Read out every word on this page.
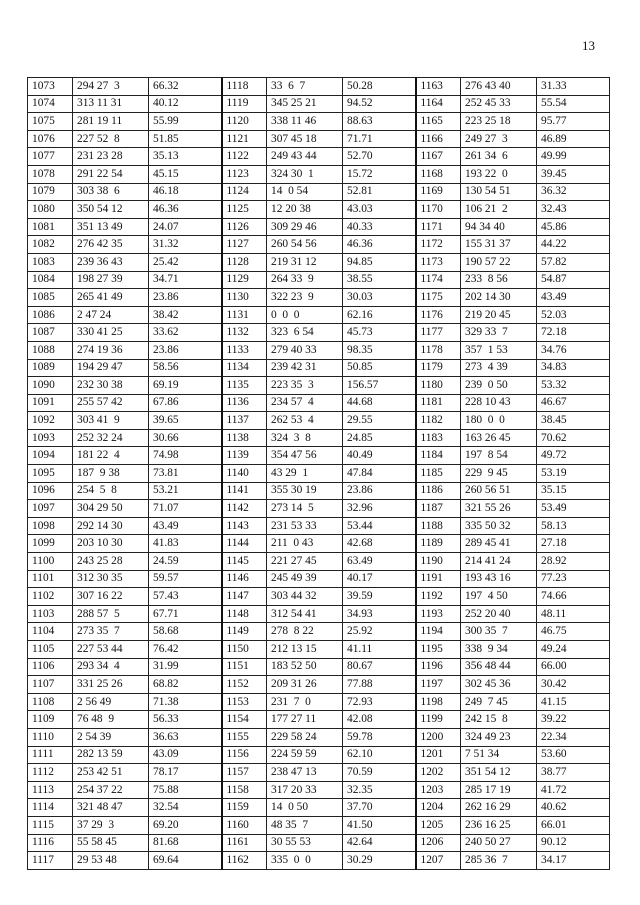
13
1073	294 27  3	66.32	1118	33  6  7	50.28	1163	276 43 40	31.33
1074	313 11 31	40.12	1119	345 25 21	94.52	1164	252 45 33	55.54
1075	281 19 11	55.99	1120	338 11 46	88.63	1165	223 25 18	95.77
1076	227 52  8	51.85	1121	307 45 18	71.71	1166	249 27  3	46.89
1077	231 23 28	35.13	1122	249 43 44	52.70	1167	261 34  6	49.99
1078	291 22 54	45.15	1123	324 30  1	15.72	1168	193 22  0	39.45
1079	303 38  6	46.18	1124	14  0 54	52.81	1169	130 54 51	36.32
1080	350 54 12	46.36	1125	12 20 38	43.03	1170	106 21  2	32.43
1081	351 13 49	24.07	1126	309 29 46	40.33	1171	94 34 40	45.86
1082	276 42 35	31.32	1127	260 54 56	46.36	1172	155 31 37	44.22
1083	239 36 43	25.42	1128	219 31 12	94.85	1173	190 57 22	57.82
1084	198 27 39	34.71	1129	264 33  9	38.55	1174	233  8 56	54.87
1085	265 41 49	23.86	1130	322 23  9	30.03	1175	202 14 30	43.49
1086	2 47 24	38.42	1131	0  0  0	62.16	1176	219 20 45	52.03
1087	330 41 25	33.62	1132	323  6 54	45.73	1177	329 33  7	72.18
1088	274 19 36	23.86	1133	279 40 33	98.35	1178	357  1 53	34.76
1089	194 29 47	58.56	1134	239 42 31	50.85	1179	273  4 39	34.83
1090	232 30 38	69.19	1135	223 35  3	156.57	1180	239  0 50	53.32
1091	255 57 42	67.86	1136	234 57  4	44.68	1181	228 10 43	46.67
1092	303 41  9	39.65	1137	262 53  4	29.55	1182	180  0  0	38.45
1093	252 32 24	30.66	1138	324  3  8	24.85	1183	163 26 45	70.62
1094	181 22  4	74.98	1139	354 47 56	40.49	1184	197  8 54	49.72
1095	187  9 38	73.81	1140	43 29  1	47.84	1185	229  9 45	53.19
1096	254  5  8	53.21	1141	355 30 19	23.86	1186	260 56 51	35.15
1097	304 29 50	71.07	1142	273 14  5	32.96	1187	321 55 26	53.49
1098	292 14 30	43.49	1143	231 53 33	53.44	1188	335 50 32	58.13
1099	203 10 30	41.83	1144	211  0 43	42.68	1189	289 45 41	27.18
1100	243 25 28	24.59	1145	221 27 45	63.49	1190	214 41 24	28.92
1101	312 30 35	59.57	1146	245 49 39	40.17	1191	193 43 16	77.23
1102	307 16 22	57.43	1147	303 44 32	39.59	1192	197  4 50	74.66
1103	288 57  5	67.71	1148	312 54 41	34.93	1193	252 20 40	48.11
1104	273 35  7	58.68	1149	278  8 22	25.92	1194	300 35  7	46.75
1105	227 53 44	76.42	1150	212 13 15	41.11	1195	338  9 34	49.24
1106	293 34  4	31.99	1151	183 52 50	80.67	1196	356 48 44	66.00
1107	331 25 26	68.82	1152	209 31 26	77.88	1197	302 45 36	30.42
1108	2 56 49	71.38	1153	231  7  0	72.93	1198	249  7 45	41.15
1109	76 48  9	56.33	1154	177 27 11	42.08	1199	242 15  8	39.22
1110	2 54 39	36.63	1155	229 58 24	59.78	1200	324 49 23	22.34
1111	282 13 59	43.09	1156	224 59 59	62.10	1201	7 51 34	53.60
1112	253 42 51	78.17	1157	238 47 13	70.59	1202	351 54 12	38.77
1113	254 37 22	75.88	1158	317 20 33	32.35	1203	285 17 19	41.72
1114	321 48 47	32.54	1159	14  0 50	37.70	1204	262 16 29	40.62
1115	37 29  3	69.20	1160	48 35  7	41.50	1205	236 16 25	66.01
1116	55 58 45	81.68	1161	30 55 53	42.64	1206	240 50 27	90.12
1117	29 53 48	69.64	1162	335  0  0	30.29	1207	285 36  7	34.17
